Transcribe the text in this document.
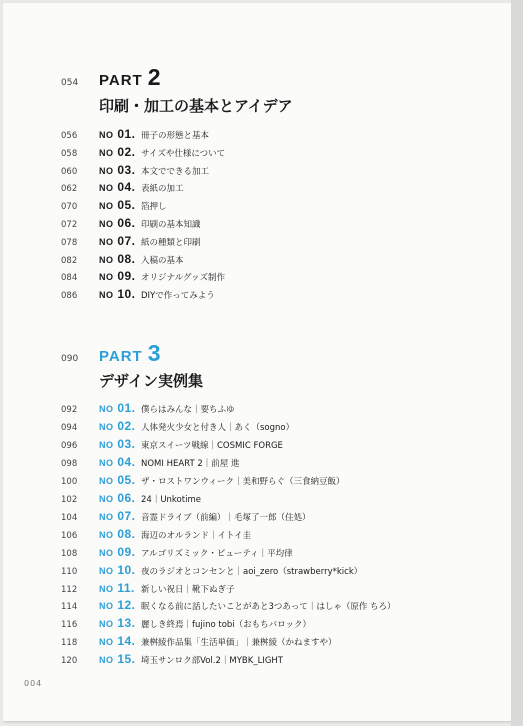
054	PART 2
印刷・加工の基本とアイデア
056	NO 01. 冊子の形態と基本
058	NO 02. サイズや仕様について
060	NO 03. 本文でできる加工
062	NO 04. 表紙の加工
070	NO 05. 箔押し
072	NO 06. 印刷の基本知識
078	NO 07. 紙の種類と印刷
082	NO 08. 入稿の基本
084	NO 09. オリジナルグッズ制作
086	NO 10. DIYで作ってみよう
090	PART 3
デザイン実例集
092	NO 01. 僕らはみんな｜要ちふゆ
094	NO 02. 人体発火少女と付き人｜あく（sogno）
096	NO 03. 東京スイーツ戦線｜COSMIC FORGE
098	NO 04. NOMI HEART 2｜前屋 進
100	NO 05. ザ・ロストワンウィーク｜美和野らぐ（三食納豆飯）
102	NO 06. 24｜Unkotime
104	NO 07. 音霊ドライブ（前編）｜毛塚了一郎（住処）
106	NO 08. 海辺のオルランド｜イトイ圭
108	NO 09. アルゴリズミック・ビューティ｜平均律
110	NO 10. 夜のラジオとコンセンと｜aoi_zero（strawberry*kick）
112	NO 11. 新しい祝日｜靴下ぬぎ子
114	NO 12. 眠くなる前に話したいことがあと3つあって｜はしゃ（原作 ちろ）
116	NO 13. 麗しき終焉｜fujino tobi（おもちバロック）
118	NO 14. 兼桝綾作品集「生活単価」｜兼桝綾（かねますや）
120	NO 15. 埼玉サンロク部Vol.2｜MYBK_LIGHT
004
